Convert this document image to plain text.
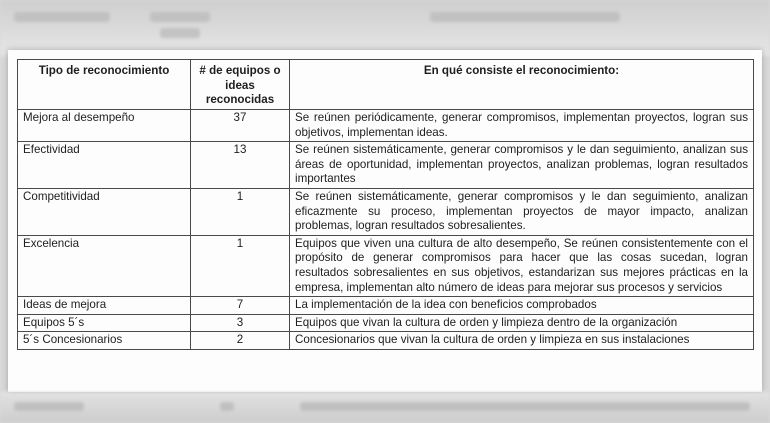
Tipo de reconocimiento	# de equipos o ideas reconocidas	En qué consiste el reconocimiento:
Mejora al desempeño	37	Se reúnen periódicamente, generar compromisos, implementan proyectos, logran sus objetivos, implementan ideas.
Efectividad	13	Se reúnen sistemáticamente, generar compromisos y le dan seguimiento, analizan sus áreas de oportunidad, implementan proyectos, analizan problemas, logran resultados importantes
Competitividad	1	Se reúnen sistemáticamente, generar compromisos y le dan seguimiento, analizan eficazmente su proceso, implementan proyectos de mayor impacto, analizan problemas, logran resultados sobresalientes.
Excelencia	1	Equipos que viven una cultura de alto desempeño, Se reúnen consistentemente con el propósito de generar compromisos para hacer que las cosas sucedan, logran resultados sobresalientes en sus objetivos, estandarizan sus mejores prácticas en la empresa, implementan alto número de ideas para mejorar sus procesos y servicios
Ideas de mejora	7	La implementación de la idea con beneficios comprobados
Equipos 5´s	3	Equipos que vivan la cultura de orden y limpieza dentro de la organización
5´s Concesionarios	2	Concesionarios que vivan la cultura de orden y limpieza en sus instalaciones
